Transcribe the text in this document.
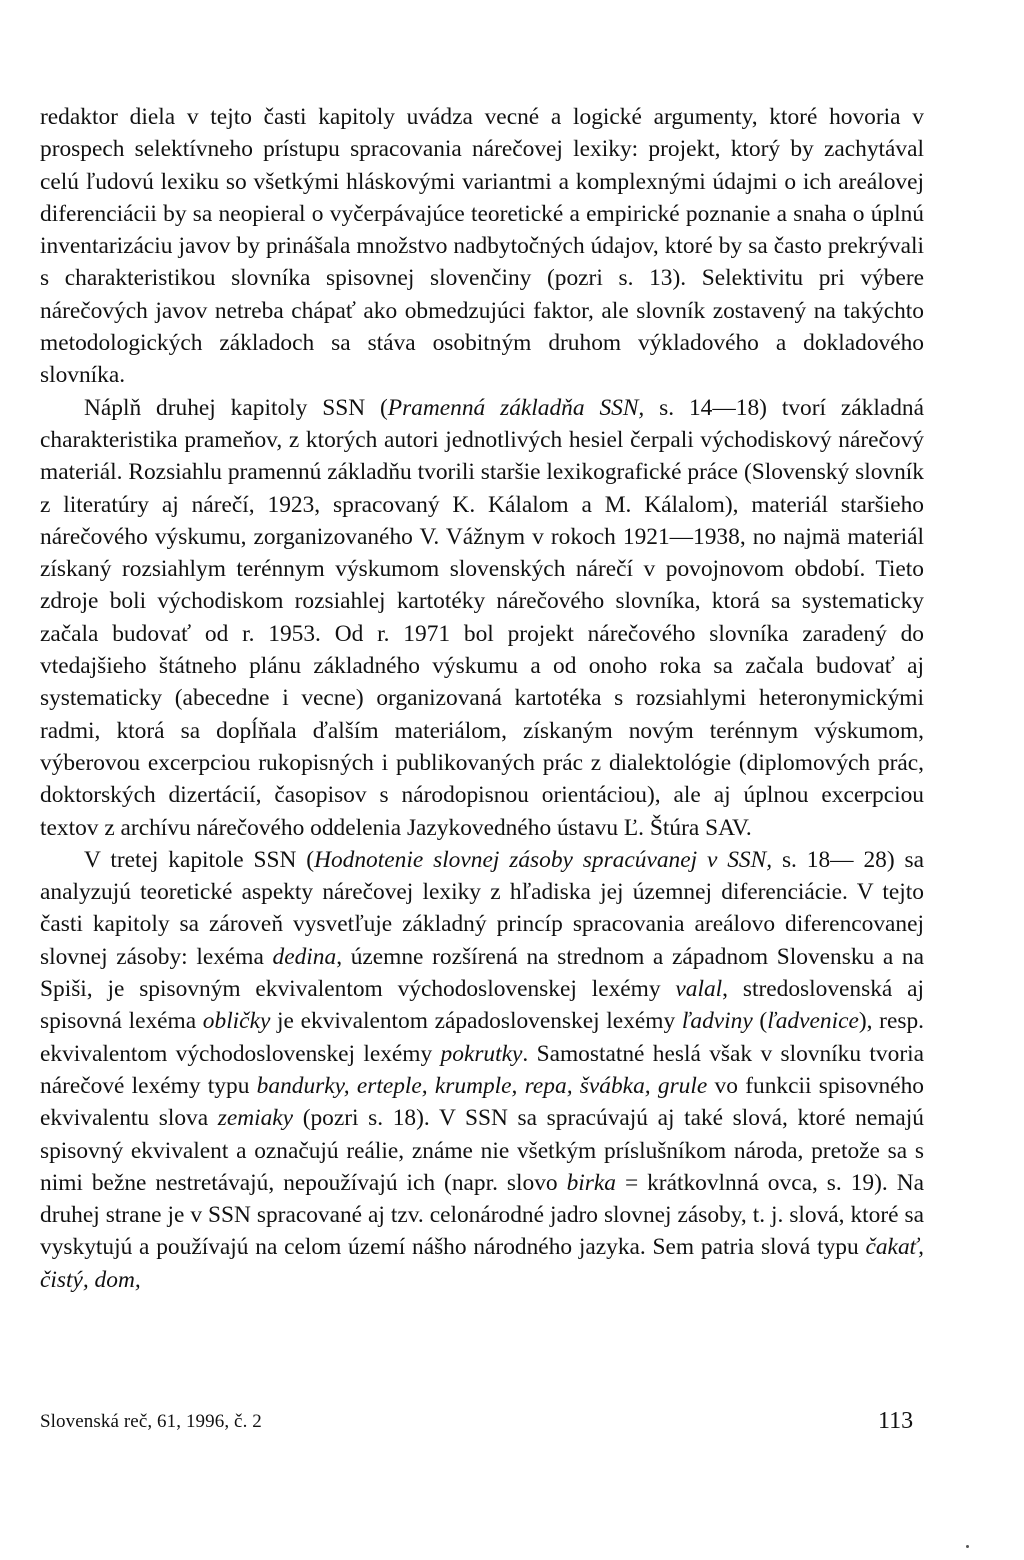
redaktor diela v tejto časti kapitoly uvádza vecné a logické argumenty, ktoré hovoria v prospech selektívneho prístupu spracovania nárečovej lexiky: projekt, ktorý by zachytával celú ľudovú lexiku so všetkými hláskovými variantmi a komplexnými údajmi o ich areálovej diferenciácii by sa neopieral o vyčerpávajúce teoretické a empirické poznanie a snaha o úplnú inventarizáciu javov by prinášala množstvo nadbytočných údajov, ktoré by sa často prekrývali s charakteristikou slovníka spisovnej slovenčiny (pozri s. 13). Selektivitu pri výbere nárečových javov netreba chápať ako obmedzujúci faktor, ale slovník zostavený na takýchto metodologických základoch sa stáva osobitným druhom výkladového a dokladového slovníka.

Náplň druhej kapitoly SSN (Pramenná základňa SSN, s. 14—18) tvorí základná charakteristika prameňov, z ktorých autori jednotlivých hesiel čerpali východiskový nárečový materiál. Rozsiahlu pramennú základňu tvorili staršie lexikografické práce (Slovenský slovník z literatúry aj nárečí, 1923, spracovaný K. Kálalom a M. Kálalom), materiál staršieho nárečového výskumu, zorganizovaného V. Vážnym v rokoch 1921—1938, no najmä materiál získaný rozsiahlym terénnym výskumom slovenských nárečí v povojnovom období. Tieto zdroje boli východiskom rozsiahlej kartotéky nárečového slovníka, ktorá sa systematicky začala budovať od r. 1953. Od r. 1971 bol projekt nárečového slovníka zaradený do vtedajšieho štátneho plánu základného výskumu a od onoho roka sa začala budovať aj systematicky (abecedne i vecne) organizovaná kartotéka s rozsiahlymi heteronymickými radmi, ktorá sa dopĺňala ďalším materiálom, získaným novým terénnym výskumom, výberovou excerpciou rukopisných i publikovaných prác z dialektológie (diplomových prác, doktorských dizertácií, časopisov s národopisnou orientáciou), ale aj úplnou excerpciou textov z archívu nárečového oddelenia Jazykovedného ústavu Ľ. Štúra SAV.

V tretej kapitole SSN (Hodnotenie slovnej zásoby spracúvanej v SSN, s. 18— 28) sa analyzujú teoretické aspekty nárečovej lexiky z hľadiska jej územnej diferenciácie. V tejto časti kapitoly sa zároveň vysvetľuje základný princíp spracovania areálovo diferencovanej slovnej zásoby: lexéma dedina, územne rozšírená na strednom a západnom Slovensku a na Spiši, je spisovným ekvivalentom východoslovenskej lexémy valal, stredoslovenská aj spisovná lexéma obličky je ekvivalentom západoslovenskej lexémy ľadviny (ľadvenice), resp. ekvivalentom východoslovenskej lexémy pokrutky. Samostatné heslá však v slovníku tvoria nárečové lexémy typu bandurky, erteple, krumple, repa, švábka, grule vo funkcii spisovného ekvivalentu slova zemiaky (pozri s. 18). V SSN sa spracúvajú aj také slová, ktoré nemajú spisovný ekvivalent a označujú reálie, známe nie všetkým príslušníkom národa, pretože sa s nimi bežne nestretávajú, nepoužívajú ich (napr. slovo birka = krátkovlnná ovca, s. 19). Na druhej strane je v SSN spracované aj tzv. celonárodné jadro slovnej zásoby, t. j. slová, ktoré sa vyskytujú a používajú na celom území nášho národného jazyka. Sem patria slová typu čakať, čistý, dom,

Slovenská reč, 61, 1996, č. 2	113
